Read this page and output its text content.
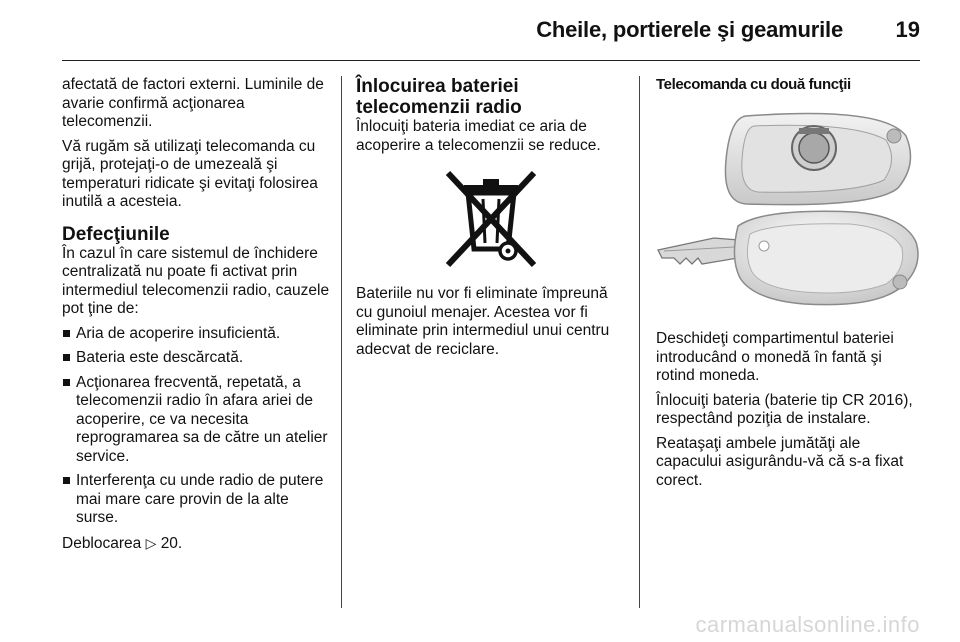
Cheile, portierele şi geamurile 19

afectată de factori externi. Luminile de avarie confirmă acţionarea telecomenzii.

Vă rugăm să utilizaţi telecomanda cu grijă, protejaţi-o de umezeală şi temperaturi ridicate şi evitaţi folosirea inutilă a acesteia.

Defecţiunile

În cazul în care sistemul de închidere centralizată nu poate fi activat prin intermediul telecomenzii radio, cauzele pot ţine de:

Aria de acoperire insuficientă.
Bateria este descărcată.
Acţionarea frecventă, repetată, a telecomenzii radio în afara ariei de acoperire, ce va necesita reprogramarea sa de către un atelier service.
Interferenţa cu unde radio de putere mai mare care provin de la alte surse.

Deblocarea ▷ 20.

Înlocuirea bateriei telecomenzii radio

Înlocuiţi bateria imediat ce aria de acoperire a telecomenzii se reduce.

Bateriile nu vor fi eliminate împreună cu gunoiul menajer. Acestea vor fi eliminate prin intermediul unui centru adecvat de reciclare.

Telecomanda cu două funcţii

Deschideţi compartimentul bateriei introducând o monedă în fantă şi rotind moneda.

Înlocuiţi bateria (baterie tip CR 2016), respectând poziţia de instalare.

Reataşaţi ambele jumătăţi ale capacului asigurându-vă că s-a fixat corect.

carmanualsonline.info
